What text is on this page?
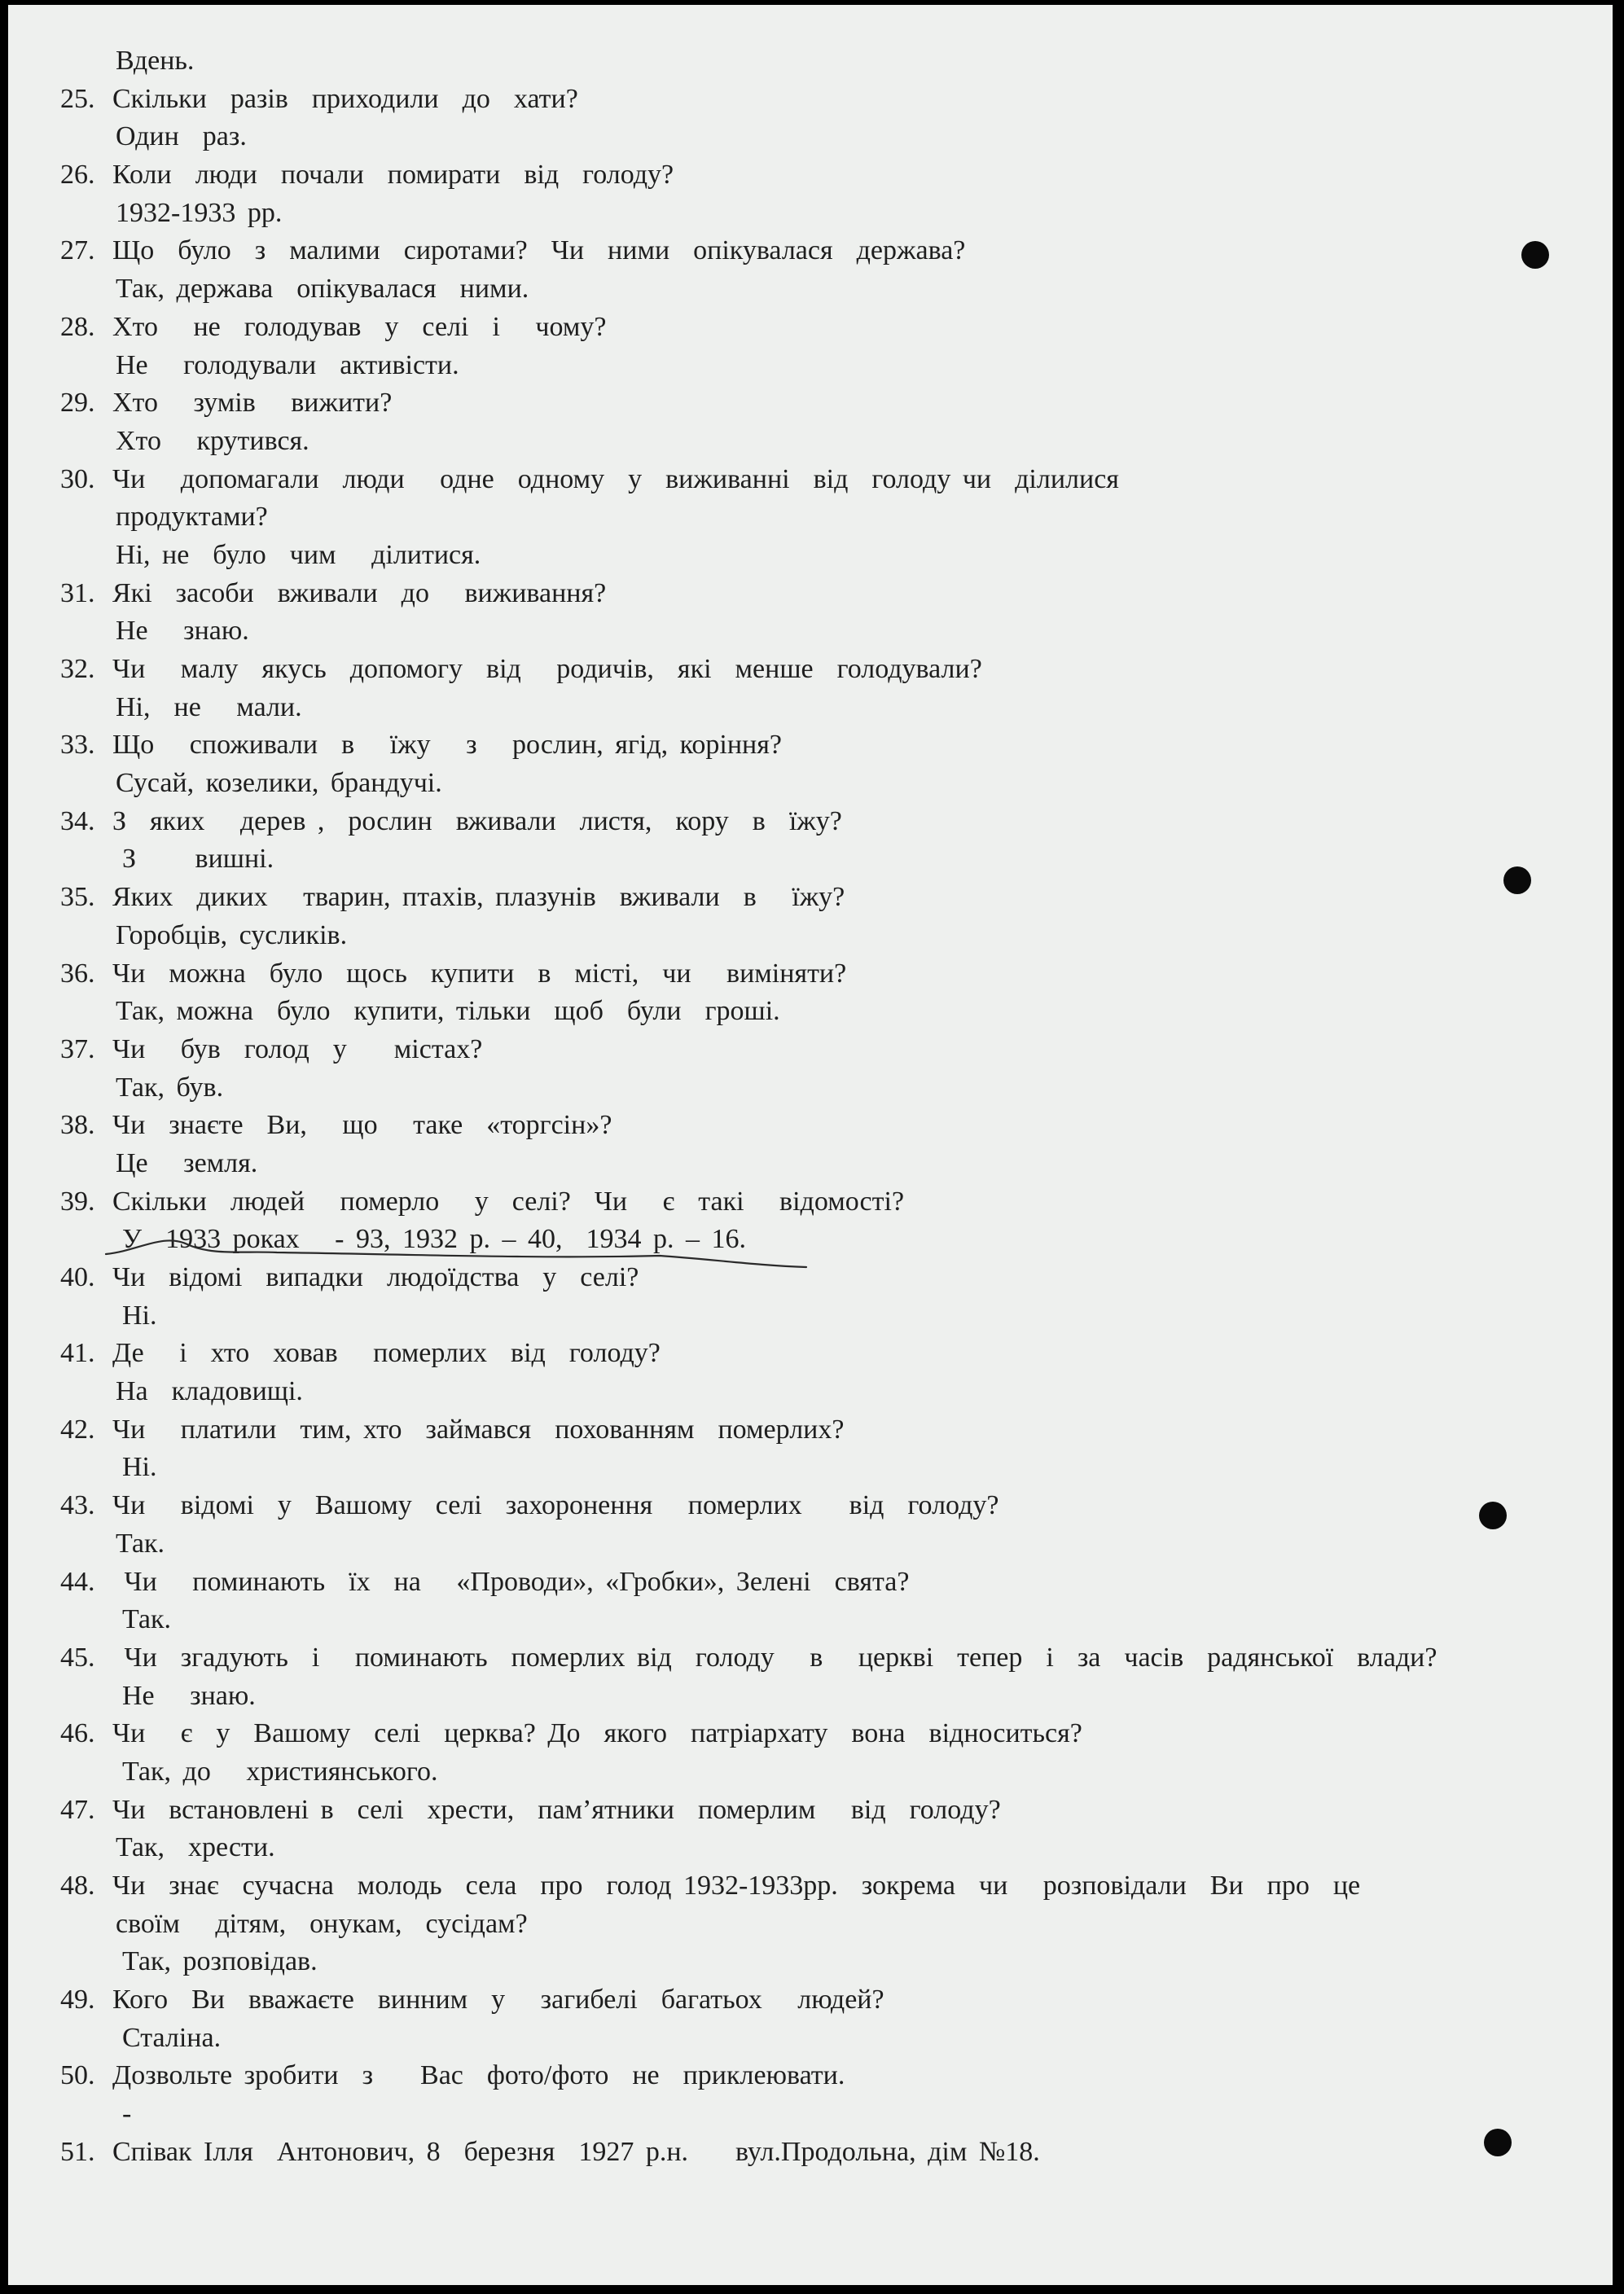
Вдень.
25. Скільки  разів  приходили  до  хати?
Один  раз.
26. Коли  люди  почали  помирати  від  голоду?
1932-1933 рр.
27. Що  було  з  малими  сиротами?  Чи  ними  опікувалася  держава?
Так, держава  опікувалася  ними.
28. Хто   не  голодував  у  селі  і   чому?
Не   голодували  активісти.
29. Хто   зумів   вижити?
Хто   крутився.
30. Чи   допомагали  люди   одне  одному  у  виживанні  від  голоду чи  ділилися
продуктами?
Ні, не  було  чим   ділитися.
31. Які  засоби  вживали  до   виживання?
Не   знаю.
32. Чи   малу  якусь  допомогу  від   родичів,  які  менше  голодували?
Ні,  не   мали.
33. Що   споживали  в   їжу   з   рослин, ягід, коріння?
Сусай, козелики, брандучі.
34. З  яких   дерев ,  рослин  вживали  листя,  кору  в  їжу?
З     вишні.
35. Яких  диких   тварин, птахів, плазунів  вживали  в   їжу?
Горобців, сусликів.
36. Чи  можна  було  щось  купити  в  місті,  чи   виміняти?
Так, можна  було  купити, тільки  щоб  були  гроші.
37. Чи   був  голод  у    містах?
Так, був.
38. Чи  знаєте  Ви,   що   таке  «торгсін»?
Це   земля.
39. Скільки  людей   померло   у  селі?  Чи   є  такі   відомості?
У  1933 роках   - 93, 1932 р. – 40,  1934 р. – 16.
40. Чи  відомі  випадки  людоїдства  у  селі?
Ні.
41. Де   і  хто  ховав   померлих  від  голоду?
На  кладовищі.
42. Чи   платили  тим, хто  займався  похованням  померлих?
Ні.
43. Чи   відомі  у  Вашому  селі  захоронення   померлих    від  голоду?
Так.
44. Чи   поминають  їх  на   «Проводи», «Гробки», Зелені  свята?
Так.
45. Чи  згадують  і   поминають  померлих від  голоду   в   церкві  тепер  і  за  часів  радянської  влади?
Не   знаю.
46. Чи   є  у  Вашому  селі  церква? До  якого  патріархату  вона  відноситься?
Так, до   християнського.
47. Чи  встановлені в  селі  хрести,  пам’ятники  померлим   від  голоду?
Так,  хрести.
48. Чи  знає  сучасна  молодь  села  про  голод 1932-1933рр.  зокрема  чи   розповідали  Ви  про  це
своїм   дітям,  онукам,  сусідам?
Так, розповідав.
49. Кого  Ви  вважаєте  винним  у   загибелі  багатьох   людей?
Сталіна.
50. Дозвольте зробити  з    Вас  фото/фото  не  приклеювати.
-
51. Співак Ілля  Антонович, 8  березня  1927 р.н.    вул.Продольна, дім №18.
